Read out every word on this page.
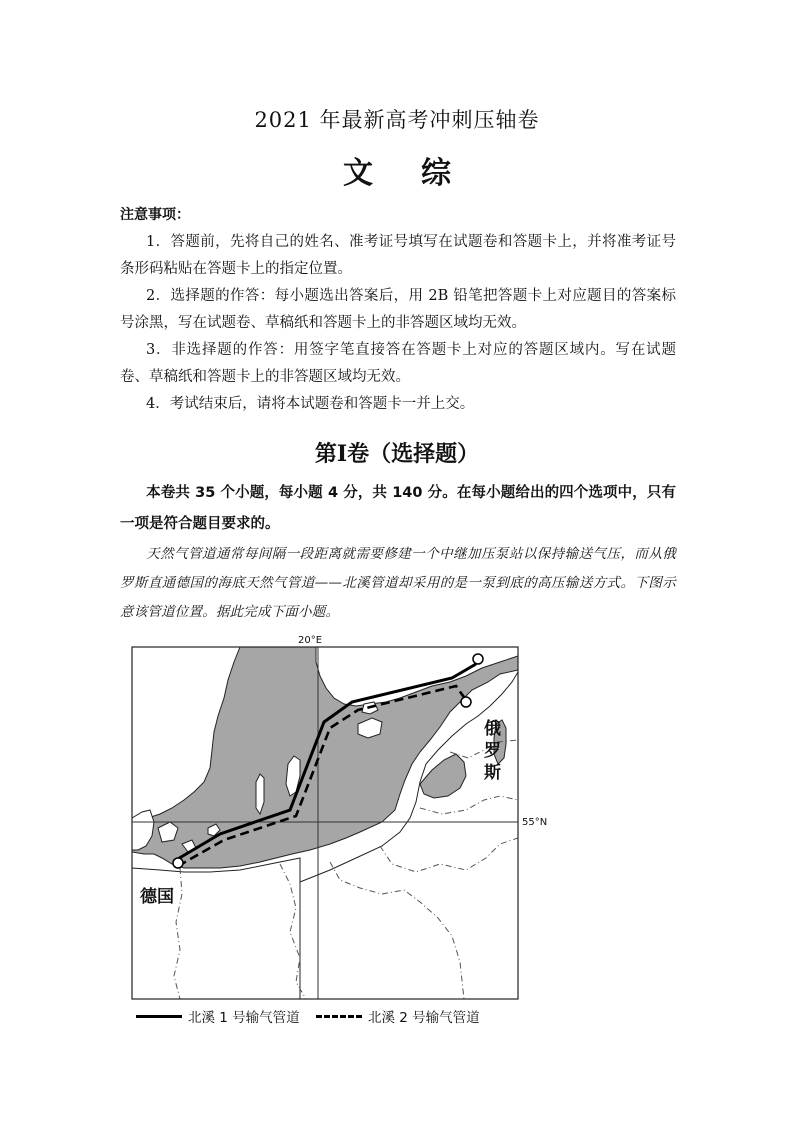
2021 年最新高考冲刺压轴卷
文 综
注意事项：
1．答题前，先将自己的姓名、准考证号填写在试题卷和答题卡上，并将准考证号条形码粘贴在答题卡上的指定位置。
2．选择题的作答：每小题选出答案后，用 2B 铅笔把答题卡上对应题目的答案标号涂黑，写在试题卷、草稿纸和答题卡上的非答题区域均无效。
3．非选择题的作答：用签字笔直接答在答题卡上对应的答题区域内。写在试题卷、草稿纸和答题卡上的非答题区域均无效。
4．考试结束后，请将本试题卷和答题卡一并上交。
第Ⅰ卷（选择题）
本卷共 35 个小题，每小题 4 分，共 140 分。在每小题给出的四个选项中，只有一项是符合题目要求的。
天然气管道通常每间隔一段距离就需要修建一个中继加压泵站以保持输送气压，而从俄罗斯直通德国的海底天然气管道——北溪管道却采用的是一泵到底的高压输送方式。下图示意该管道位置。据此完成下面小题。
20°E
55°N
俄 罗 斯
德国
北溪 1 号输气管道	北溪 2 号输气管道
